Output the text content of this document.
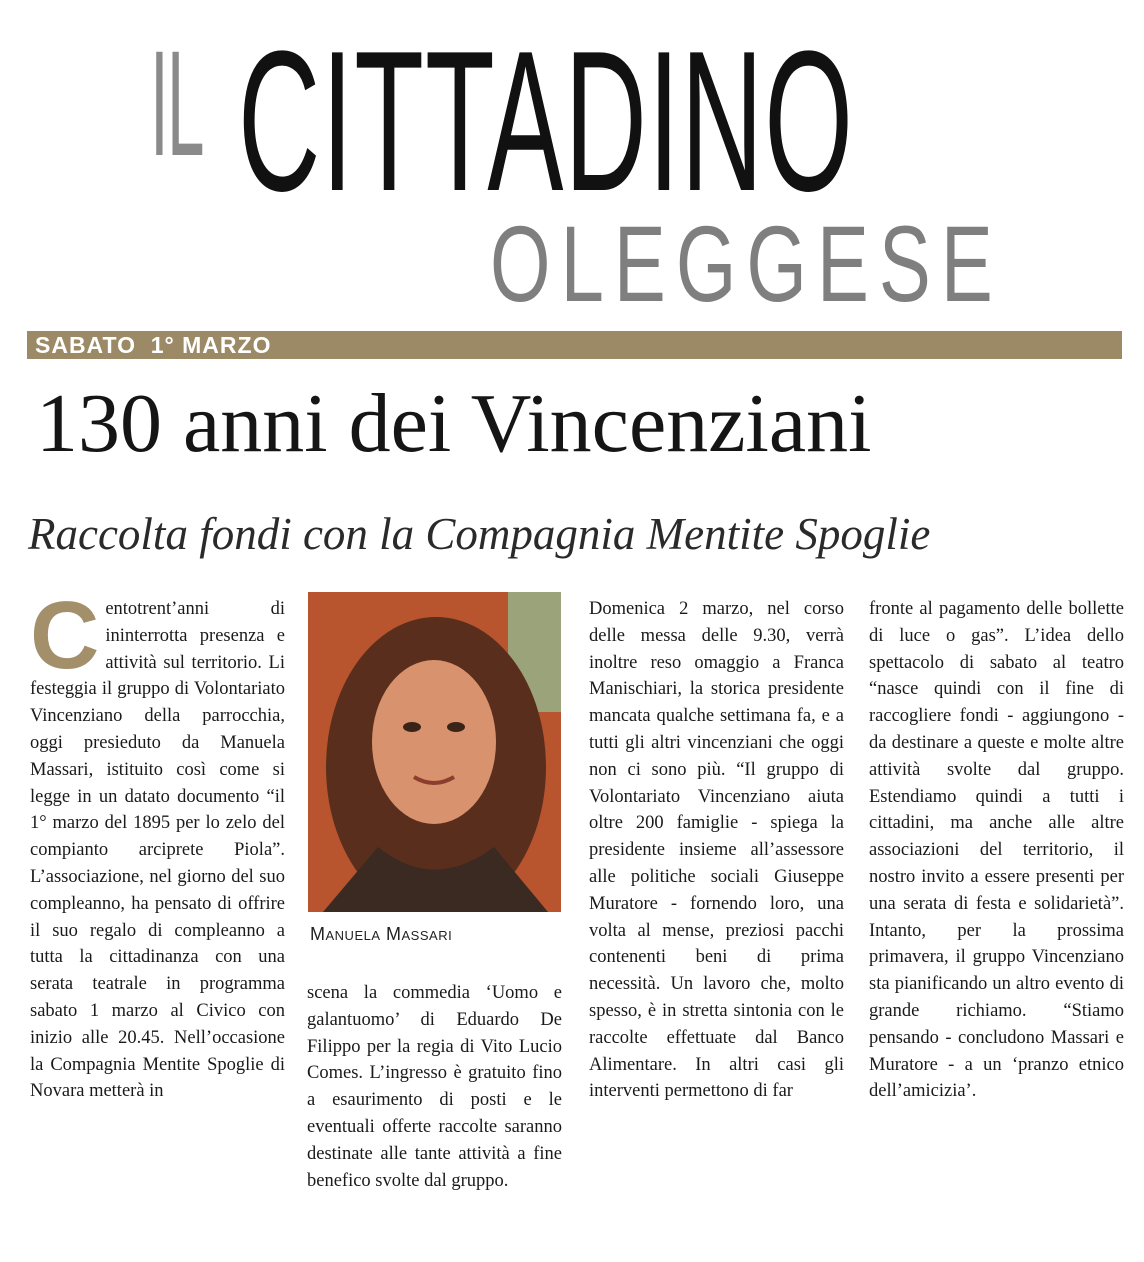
IL CITTADINO
OLEGGESE
SABATO  1° MARZO
130 anni dei Vincenziani
Raccolta fondi con la Compagnia Mentite Spoglie
C entotrent’anni di ininterrotta presenza e attività sul territorio. Li festeggia il gruppo di Volontariato Vincenziano della parrocchia, oggi presieduto da Manuela Massari, istituito così come si legge in un datato documento “il 1° marzo del 1895 per lo zelo del compianto arciprete Piola”. L’associazione, nel giorno del suo compleanno, ha pensato di offrire il suo regalo di compleanno a tutta la cittadinanza con una serata teatrale in programma sabato 1 marzo al Civico con inizio alle 20.45. Nell’occasione la Compagnia Mentite Spoglie di Novara metterà in

Manuela Massari

scena la commedia ‘Uomo e galantuomo’ di Eduardo De Filippo per la regia di Vito Lucio Comes. L’ingresso è gratuito fino a esaurimento di posti e le eventuali offerte raccolte saranno destinate alle tante attività a fine benefico svolte dal gruppo.

Domenica 2 marzo, nel corso delle messa delle 9.30, verrà inoltre reso omaggio a Franca Manischiari, la storica presidente mancata qualche settimana fa, e a tutti gli altri vincenziani che oggi non ci sono più. “Il gruppo di Volontariato Vincenziano aiuta oltre 200 famiglie - spiega la presidente insieme all’assessore alle politiche sociali Giuseppe Muratore - fornendo loro, una volta al mense, preziosi pacchi contenenti beni di prima necessità. Un lavoro che, molto spesso, è in stretta sintonia con le raccolte effettuate dal Banco Alimentare. In altri casi gli interventi permettono di far

fronte al pagamento delle bollette di luce o gas”. L’idea dello spettacolo di sabato al teatro “nasce quindi con il fine di raccogliere fondi - aggiungono - da destinare a queste e molte altre attività svolte dal gruppo. Estendiamo quindi a tutti i cittadini, ma anche alle altre associazioni del territorio, il nostro invito a essere presenti per una serata di festa e solidarietà”. Intanto, per la prossima primavera, il gruppo Vincenziano sta pianificando un altro evento di grande richiamo. “Stiamo pensando - concludono Massari e Muratore - a un ‘pranzo etnico dell’amicizia’.
